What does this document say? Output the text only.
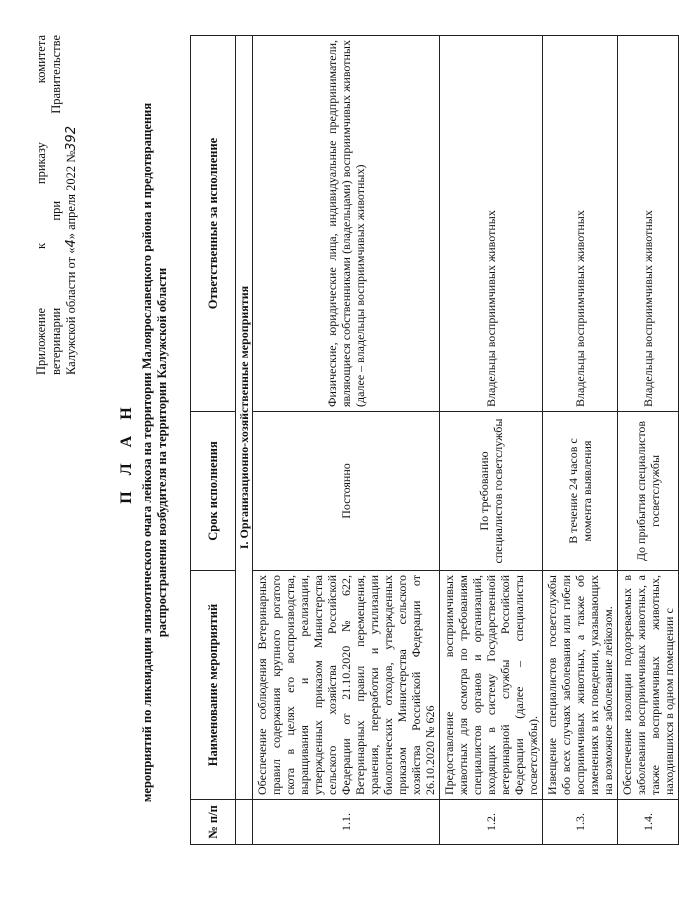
Приложение к приказу комитета ветеринарии при Правительстве Калужской области от «4» апреля 2022 №392
П Л А Н мероприятий по ликвидации эпизоотического очага лейкоза на территории Малоярославецкого района и предотвращения распространения возбудителя на территории Калужской области
№ п/п	Наименование мероприятий	Срок исполнения	Ответственные за исполнение
	I. Организационно-хозяйственные мероприятия		
1.1.	Обеспечение соблюдения Ветеринарных правил содержания крупного рогатого скота в целях его воспроизводства, выращивания и реализации, утвержденных приказом Министерства сельского хозяйства Российской Федерации от 21.10.2020 № 622, Ветеринарных правил перемещения, хранения, переработки и утилизации биологических отходов, утвержденных приказом Министерства сельского хозяйства Российской Федерации от 26.10.2020 № 626	Постоянно	Физические, юридические лица, индивидуальные предприниматели, являющиеся собственниками (владельцами) восприимчивых животных (далее – владельцы восприимчивых животных)
1.2.	Предоставление восприимчивых животных для осмотра по требованиям специалистов органов и организаций, входящих в систему Государственной ветеринарной службы Российской Федерации (далее – специалисты госветслужбы).	По требованию специалистов госветслужбы	Владельцы восприимчивых животных
1.3.	Извещение специалистов госветслужбы обо всех случаях заболевания или гибели восприимчивых животных, а также об изменениях в их поведении, указывающих на возможное заболевание лейкозом.	В течение 24 часов с момента выявления	Владельцы восприимчивых животных
1.4.	Обеспечение изоляции подозреваемых в заболевании восприимчивых животных, а также восприимчивых животных, находившихся в одном помещении с	До прибытия специалистов госветслужбы	Владельцы восприимчивых животных
